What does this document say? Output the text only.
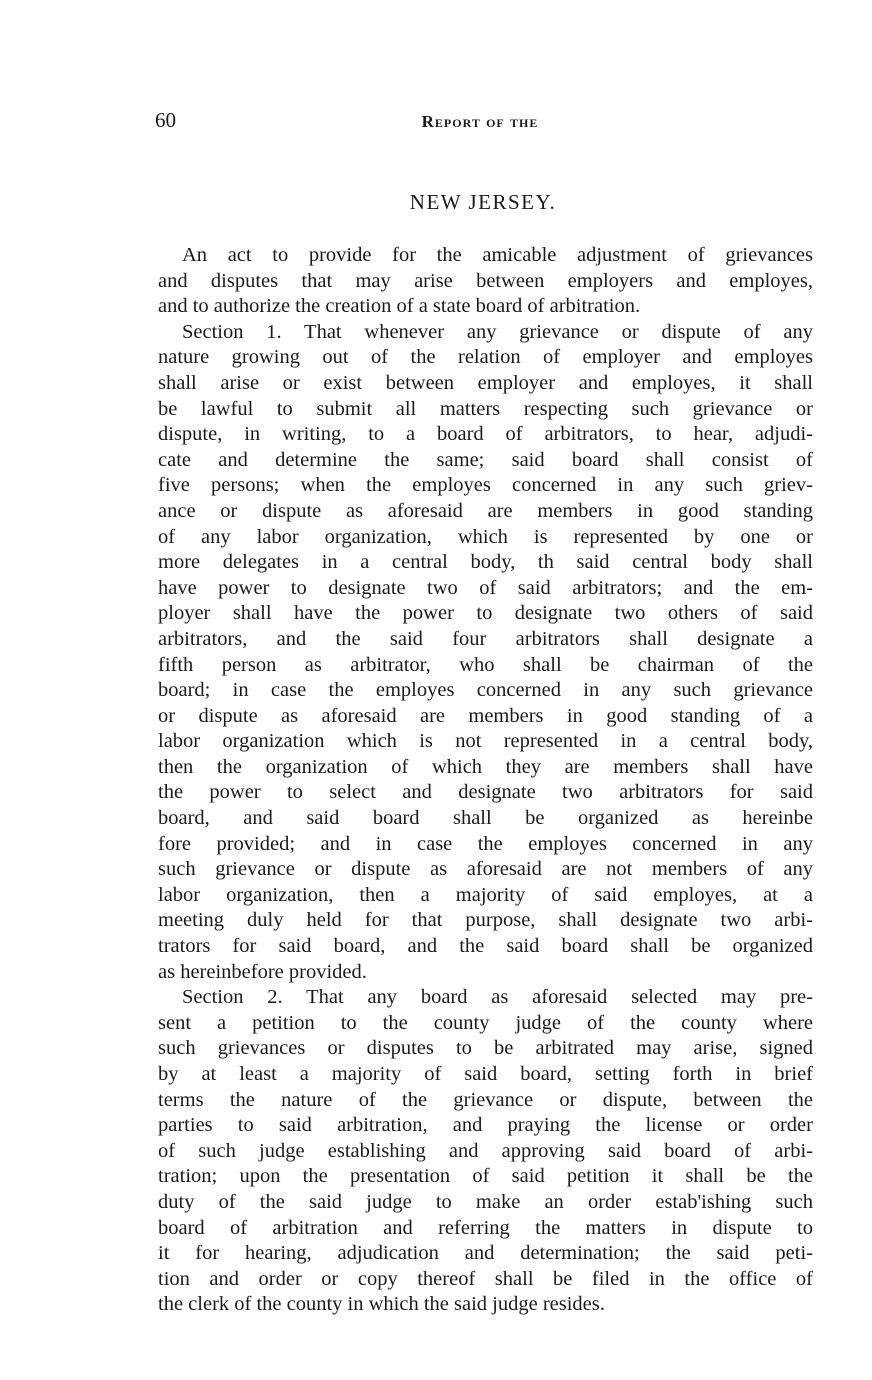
60	Report of the
NEW JERSEY.
An act to provide for the amicable adjustment of grievances
and disputes that may arise between employers and employes,
and to authorize the creation of a state board of arbitration.
Section 1. That whenever any grievance or dispute of any
nature growing out of the relation of employer and employes
shall arise or exist between employer and employes, it shall
be lawful to submit all matters respecting such grievance or
dispute, in writing, to a board of arbitrators, to hear, adjudi-
cate and determine the same; said board shall consist of
five persons; when the employes concerned in any such griev-
ance or dispute as aforesaid are members in good standing
of any labor organization, which is represented by one or
more delegates in a central body, th said central body shall
have power to designate two of said arbitrators; and the em-
ployer shall have the power to designate two others of said
arbitrators, and the said four arbitrators shall designate a
fifth person as arbitrator, who shall be chairman of the
board; in case the employes concerned in any such grievance
or dispute as aforesaid are members in good standing of a
labor organization which is not represented in a central body,
then the organization of which they are members shall have
the power to select and designate two arbitrators for said
board, and said board shall be organized as hereinbe
fore provided; and in case the employes concerned in any
such grievance or dispute as aforesaid are not members of any
labor organization, then a majority of said employes, at a
meeting duly held for that purpose, shall designate two arbi-
trators for said board, and the said board shall be organized
as hereinbefore provided.
Section 2. That any board as aforesaid selected may pre-
sent a petition to the county judge of the county where
such grievances or disputes to be arbitrated may arise, signed
by at least a majority of said board, setting forth in brief
terms the nature of the grievance or dispute, between the
parties to said arbitration, and praying the license or order
of such judge establishing and approving said board of arbi-
tration; upon the presentation of said petition it shall be the
duty of the said judge to make an order estab'ishing such
board of arbitration and referring the matters in dispute to
it for hearing, adjudication and determination; the said peti-
tion and order or copy thereof shall be filed in the office of
the clerk of the county in which the said judge resides.
